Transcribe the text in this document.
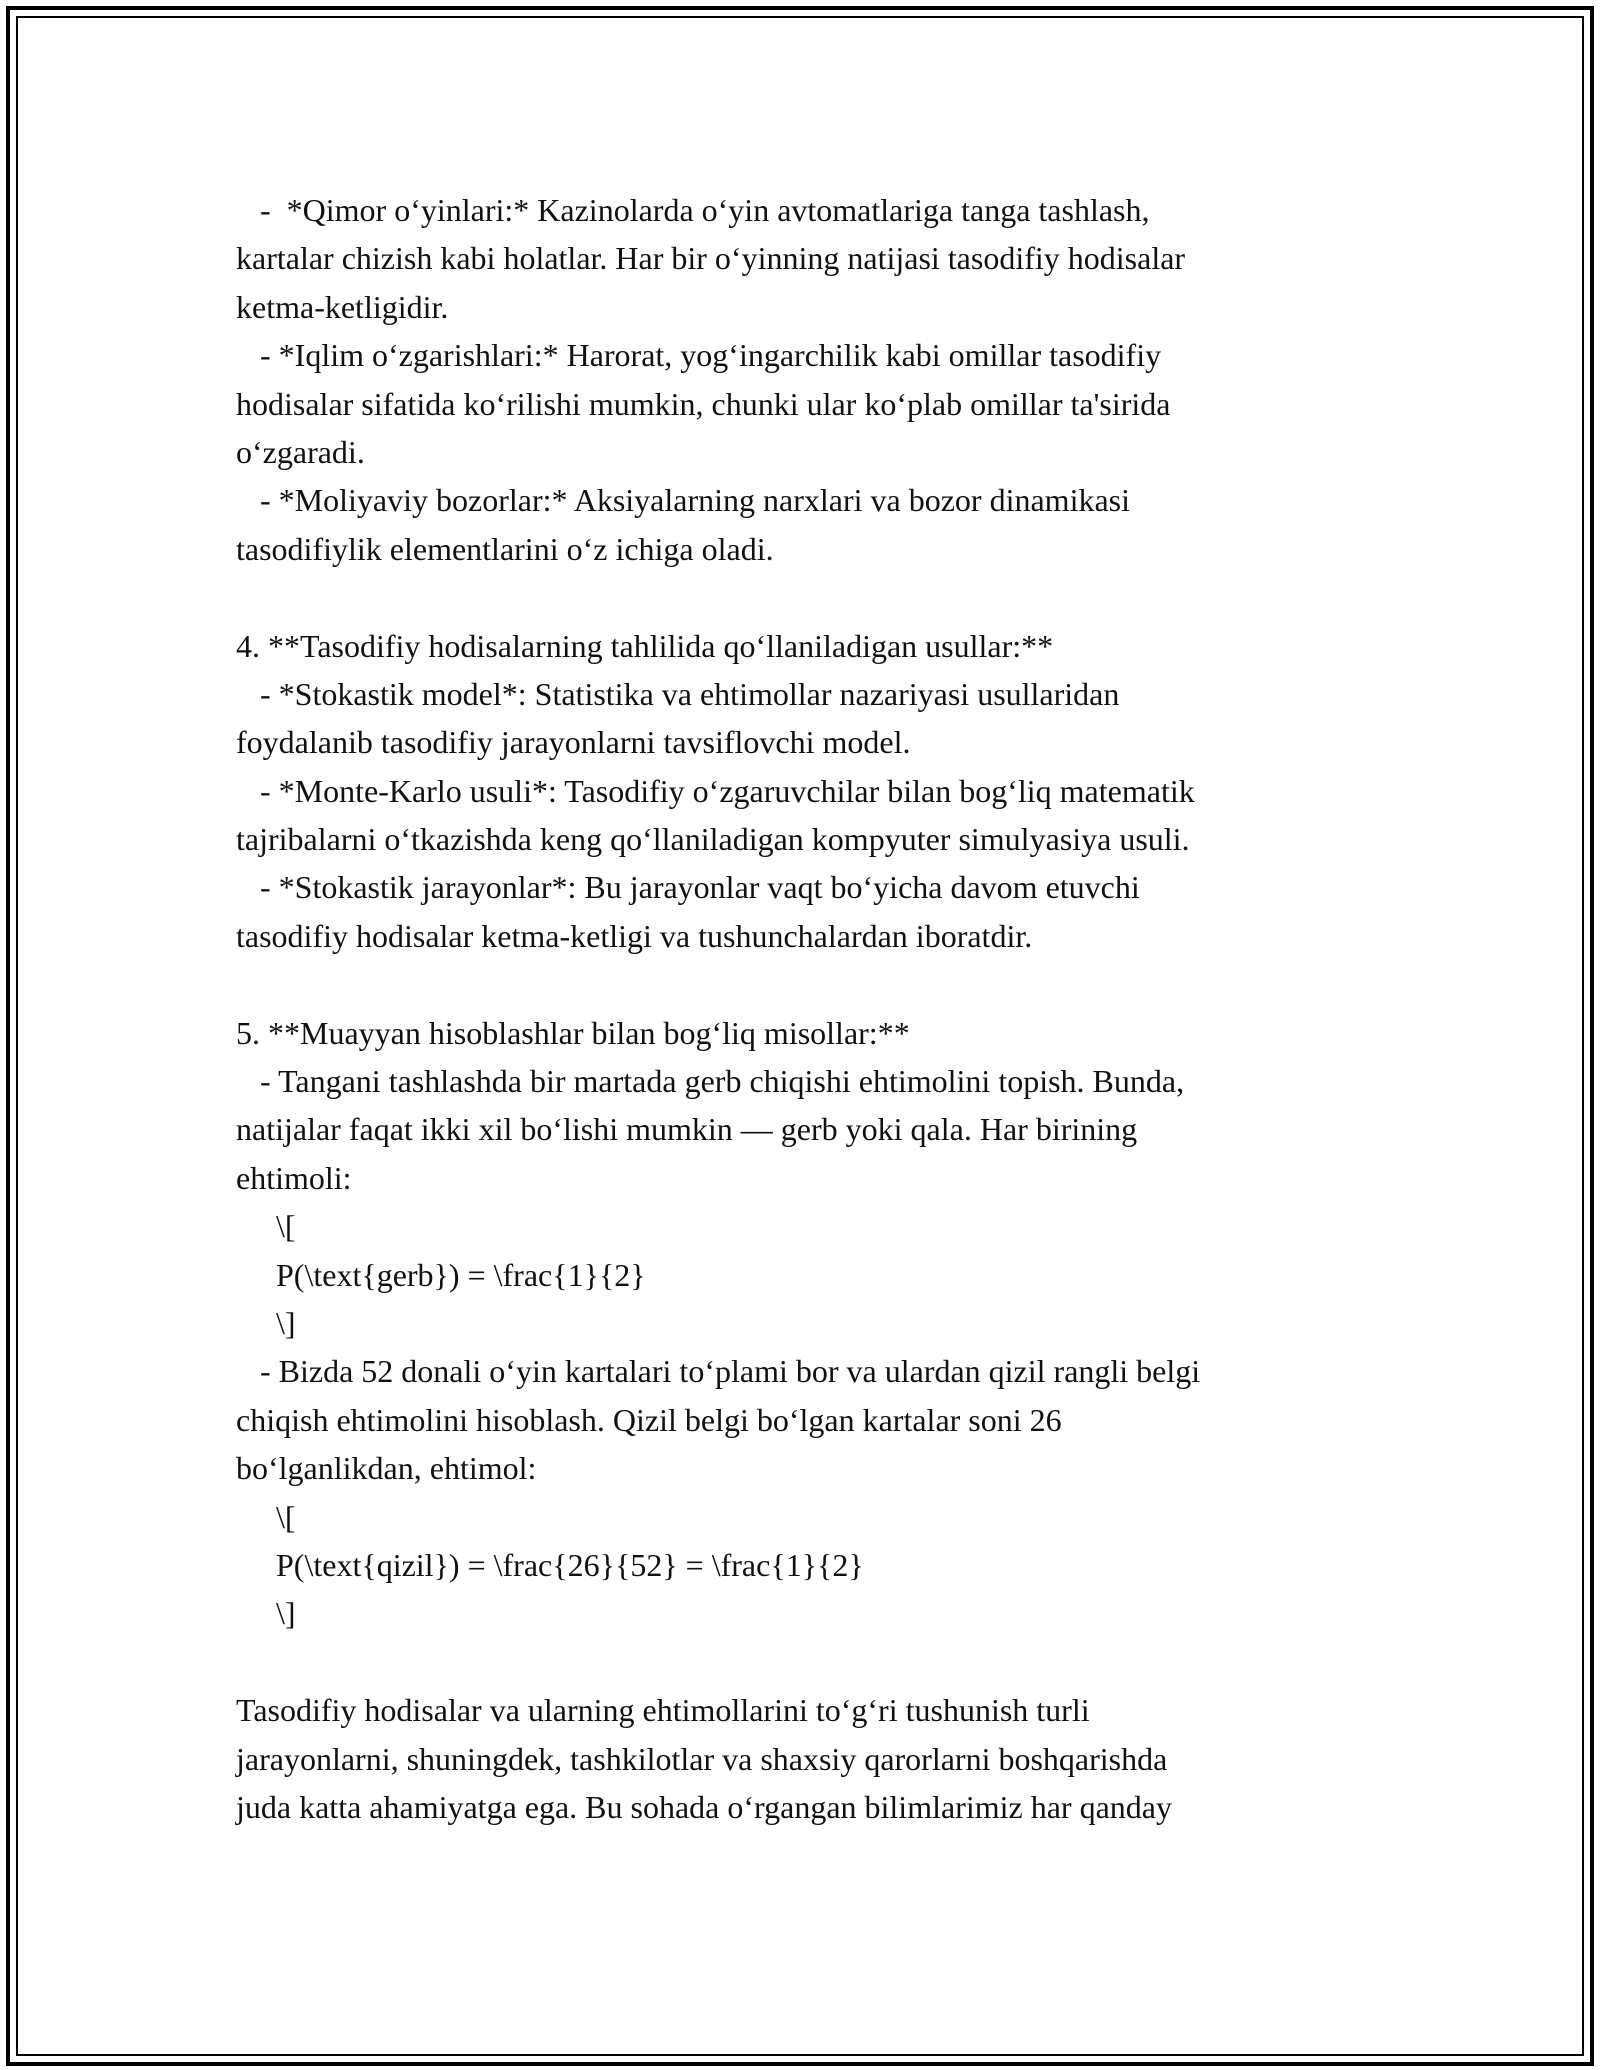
-  *Qimor o‘yinlari:* Kazinolarda o‘yin avtomatlariga tanga tashlash,
kartalar chizish kabi holatlar. Har bir o‘yinning natijasi tasodifiy hodisalar
ketma-ketligidir.
- *Iqlim o‘zgarishlari:* Harorat, yog‘ingarchilik kabi omillar tasodifiy
hodisalar sifatida ko‘rilishi mumkin, chunki ular ko‘plab omillar ta'sirida
o‘zgaradi.
- *Moliyaviy bozorlar:* Aksiyalarning narxlari va bozor dinamikasi
tasodifiylik elementlarini o‘z ichiga oladi.
4. **Tasodifiy hodisalarning tahlilida qo‘llaniladigan usullar:**
- *Stokastik model*: Statistika va ehtimollar nazariyasi usullaridan
foydalanib tasodifiy jarayonlarni tavsiflovchi model.
- *Monte-Karlo usuli*: Tasodifiy o‘zgaruvchilar bilan bog‘liq matematik
tajribalarni o‘tkazishda keng qo‘llaniladigan kompyuter simulyasiya usuli.
- *Stokastik jarayonlar*: Bu jarayonlar vaqt bo‘yicha davom etuvchi
tasodifiy hodisalar ketma-ketligi va tushunchalardan iboratdir.
5. **Muayyan hisoblashlar bilan bog‘liq misollar:**
- Tangani tashlashda bir martada gerb chiqishi ehtimolini topish. Bunda,
natijalar faqat ikki xil bo‘lishi mumkin — gerb yoki qala. Har birining
ehtimoli:
\[
P(\text{gerb}) = \frac{1}{2}
\]
- Bizda 52 donali o‘yin kartalari to‘plami bor va ulardan qizil rangli belgi
chiqish ehtimolini hisoblash. Qizil belgi bo‘lgan kartalar soni 26
bo‘lganlikdan, ehtimol:
\[
P(\text{qizil}) = \frac{26}{52} = \frac{1}{2}
\]
Tasodifiy hodisalar va ularning ehtimollarini to‘g‘ri tushunish turli
jarayonlarni, shuningdek, tashkilotlar va shaxsiy qarorlarni boshqarishda
juda katta ahamiyatga ega. Bu sohada o‘rgangan bilimlarimiz har qanday
